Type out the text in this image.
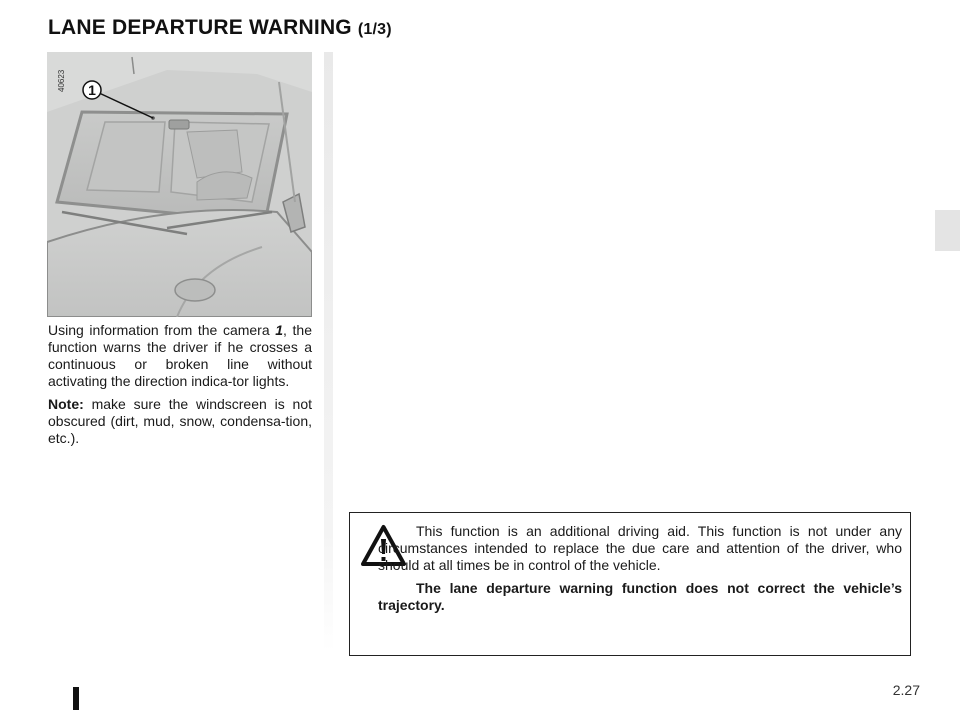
LANE DEPARTURE WARNING (1/3)
1
40623

Using information from the camera 1, the function warns the driver if he crosses a continuous or broken line without activating the direction indica-tor lights.

Note: make sure the windscreen is not obscured (dirt, mud, snow, condensa-tion, etc.).

This function is an additional driving aid. This function is not under any circumstances intended to replace the due care and attention of the driver, who should at all times be in control of the vehicle.

The lane departure warning function does not correct the vehicle’s trajectory.

2.27
